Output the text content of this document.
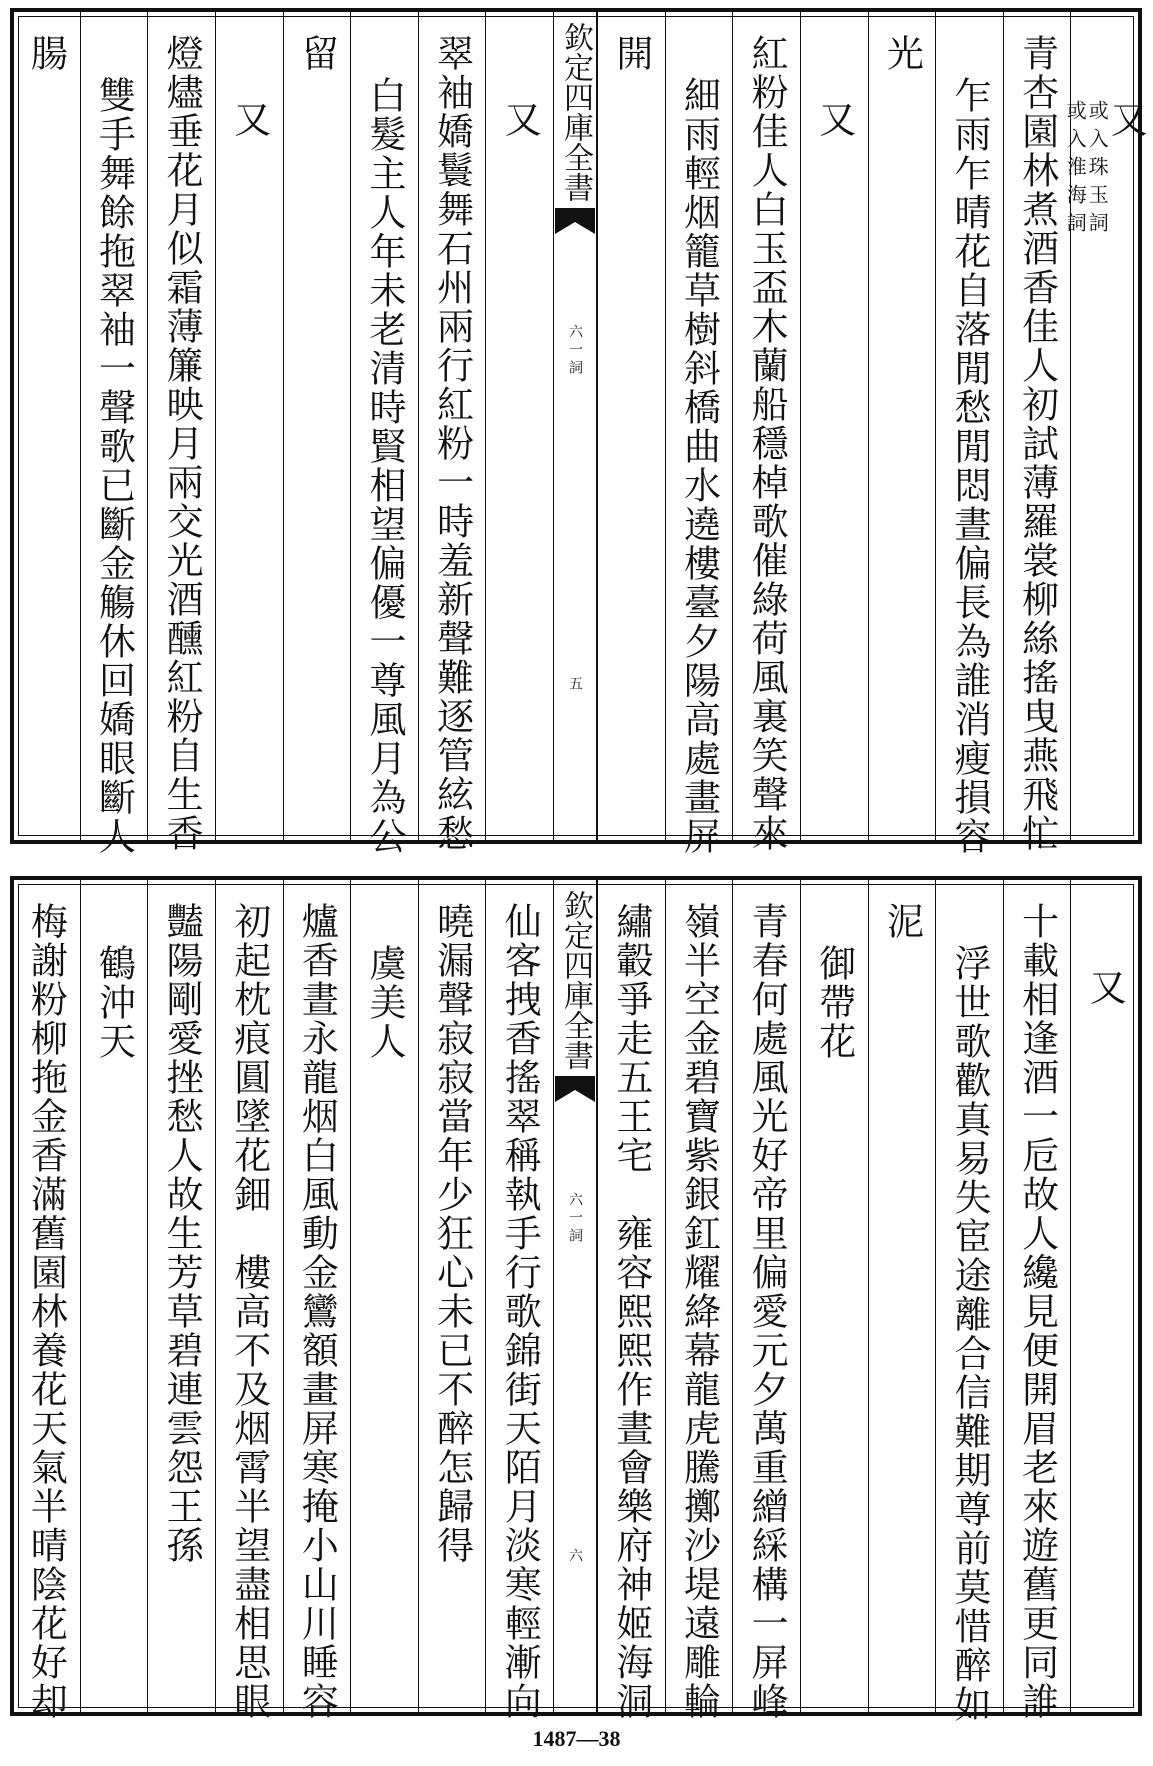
又
或入珠玉詞
或入淮海詞
青杏園林煮酒香佳人初試薄羅裳柳絲搖曳燕飛忙
乍雨乍晴花自落閒愁閒悶晝偏長為誰消瘦損容
光
又
紅粉佳人白玉盃木蘭船穩棹歌催綠荷風裏笑聲來
細雨輕烟籠草樹斜橋曲水遶樓臺夕陽高處畫屏
開
欽定四庫全書
六一詞
五
又
翠袖嬌鬟舞石州兩行紅粉一時羞新聲難逐管絃愁
白髮主人年未老清時賢相望偏優一尊風月為公
留
又
燈燼垂花月似霜薄簾映月兩交光酒醺紅粉自生香
雙手舞餘拖翠袖一聲歌已斷金觴休回嬌眼斷人
腸
又
十載相逢酒一卮故人纔見便開眉老來遊舊更同誰
浮世歌歡真易失宦途離合信難期尊前莫惜醉如
泥
御帶花
青春何處風光好帝里偏愛元夕萬重繒綵構一屏峰
嶺半空金碧寶紫銀釭耀絳幕龍虎騰擲沙堤遠雕輪
繡轂爭走五王宅　雍容熙熙作晝會樂府神姬海洞
欽定四庫全書
六一詞
六
仙客拽香搖翠稱執手行歌錦街天陌月淡寒輕漸向
曉漏聲寂寂當年少狂心未已不醉怎歸得
虞美人
爐香晝永龍烟白風動金鸞額畫屏寒掩小山川睡容
初起枕痕圓墜花鈿　樓高不及烟霄半望盡相思眼
豔陽剛愛挫愁人故生芳草碧連雲怨王孫
鶴沖天
梅謝粉柳拖金香滿舊園林養花天氣半晴陰花好却
1487—38
